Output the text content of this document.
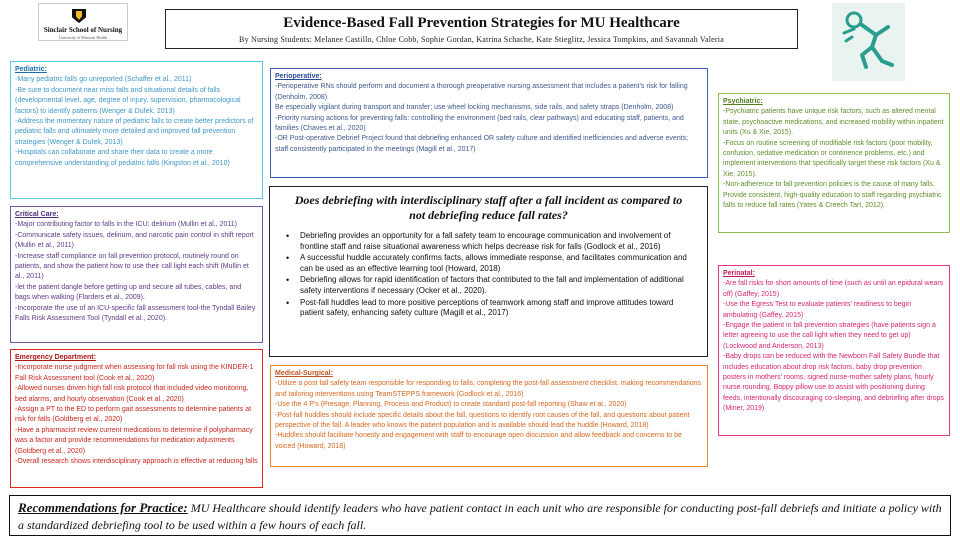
Sinclair School of Nursing
University of Missouri Health
Evidence-Based Fall Prevention Strategies for MU Healthcare
By Nursing Students: Melanee Castillo, Chloe Cobb, Sophie Gordan, Katrina Schache, Kate Stieglitz, Jessica Tompkins, and Savannah Valeria

Pediatric:

-Many pediatric falls go unreported (Schaffer et al., 2011)

-Be sure to document near miss falls and situational details of falls (developmental level, age, degree of injury, supervision, pharmacological factors) to identify patterns (Wenger & Dufek, 2013)

-Address the momentary nature of pediatric falls to create better predictors of pediatric falls and ultimately more detailed and improved fall prevention strategies (Wenger & Dufek, 2013)

-Hospitals can collaborate and share their data to create a more comprehensive understanding of pediatric falls (Kingston et al., 2010)

Critical Care:

-Major contributing factor to falls in the ICU: delirium (Mullin et al., 2011)

-Communicate safety issues, delirium, and narcotic pain control in shift report (Mullin et al., 2011)

-Increase staff compliance on fall prevention protocol, routinely round on patients, and show the patient how to use their call light each shift (Mullin et al., 2011)

-let the patient dangle before getting up and secure all tubes, cables, and bags when walking (Flarders et al., 2009).

-Incorporate the use of an ICU-specific fall assessment tool-the Tyndall Bailey Falls Risk Assessment Tool (Tyndall et al., 2020).

Emergency Department:

-Incorporate nurse judgment when assessing for fall risk using the KINDER-1 Fall Risk Assessment tool (Cook et al., 2020)

-Allowed nurses driven high fall risk protocol that included video monitoring, bed alarms, and hourly observation (Cook et al., 2020)

-Assign a PT to the ED to perform gait assessments to determine patients at risk for falls (Goldberg et al., 2020)

-Have a pharmacist review current medications to determine if polypharmacy was a factor and provide recommendations for medication adjustments (Goldberg et al., 2020)

-Overall research shows interdisciplinary approach is effective at reducing falls

Perioperative:

-Perioperative RNs should perform and document a thorough preoperative nursing assessment that includes a patient's risk for falling (Denholm, 2008)

Be especially vigilant during transport and transfer; use wheel locking mechanisms, side rails, and safety straps (Denholm, 2008)

-Priority nursing actions for preventing falls: controlling the environment (bed rails, clear pathways) and educating staff, patients, and families (Chaves et al., 2020)

-OR Post-operative Debrief Project found that debriefing enhanced OR safety culture and identified inefficiencies and adverse events; staff consistently participated in the meetings (Magill et al., 2017)

Does debriefing with interdisciplinary staff after a fall incident as compared to not debriefing reduce fall rates?
• Debriefing provides an opportunity for a fall safety team to encourage communication and involvement of frontline staff and raise situational awareness which helps decrease risk for falls (Godlock et al., 2016)
• A successful huddle accurately confirms facts, allows immediate response, and facilitates communication and can be used as an effective learning tool (Howard, 2018)
• Debriefing allows for rapid identification of factors that contributed to the fall and implementation of additional safety interventions if necessary (Ocker et al., 2020).
• Post-fall huddles lead to more positive perceptions of teamwork among staff and improve attitudes toward patient safety, enhancing safety culture (Magill et al., 2017)

Medical-Surgical:

-Utilize a post fall safety team responsible for responding to falls, completing the post-fall assessment checklist, making recommendations and tailoring interventions using TeamSTEPPS framework (Godlock et al., 2016)

-Use the 4 P's (Presage, Planning, Process and Product) to create standard post-fall reporting (Shaw et al., 2020)

-Post-fall huddles should include specific details about the fall, questions to identify root causes of the fall, and questions about patient perspective of the fall. A leader who knows the patient population and is available should lead the huddle (Howard, 2018)

-Huddles should facilitate honesty and engagement with staff to encourage open discussion and allow feedback and concerns to be voiced (Howard, 2018)

Psychiatric:

-Psychiatric patients have unique risk factors, such as altered mental state, psychoactive medications, and increased mobility within inpatient units (Xu & Xie, 2015).

-Focus on routine screening of modifiable risk factors (poor mobility, confusion, sedative medication or continence problems, etc.) and implement interventions that specifically target these risk factors (Xu & Xie, 2015).

-Non-adherence to fall prevention policies is the cause of many falls. Provide consistent, high-quality education to staff regarding psychiatric falls to reduce fall rates (Yates & Creech Tart, 2012).

Perinatal:

-Are fall risks for short amounts of time (such as until an epidural wears off) (Gaffey, 2015)

-Use the Egress Test to evaluate patients' readiness to begin ambulating (Gaffey, 2015)

-Engage the patient in fall prevention strategies (have patients sign a letter agreeing to use the call light when they need to get up) (Lockwood and Anderson, 2013)

-Baby drops can be reduced with the Newborn Fall Safety Bundle that includes education about drop risk factors, baby drop prevention posters in mothers' rooms, signed nurse-mother safety plans, hourly nurse rounding, Boppy pillow use to assist with positioning during feeds, intentionally discouraging co-sleeping, and debriefing after drops (Miner, 2019)

Recommendations for Practice: MU Healthcare should identify leaders who have patient contact in each unit who are responsible for conducting post-fall debriefs and initiate a policy with a standardized debriefing tool to be used within a few hours of each fall.
